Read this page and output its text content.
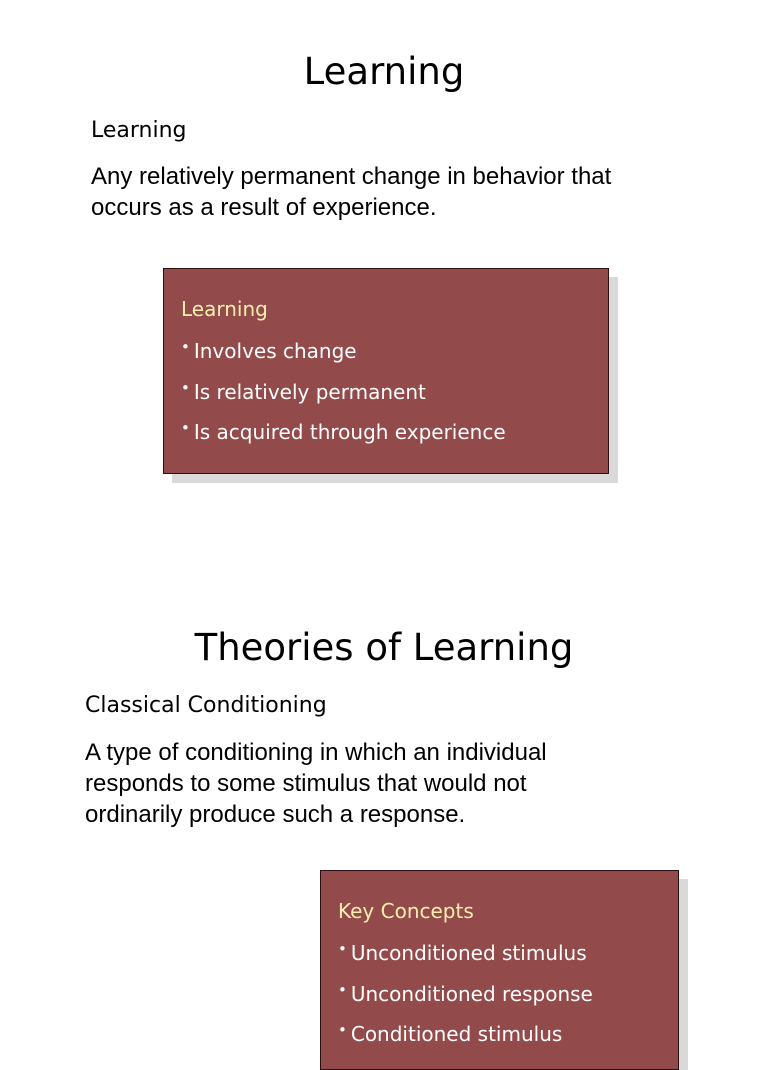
Learning

Learning

Any relatively permanent change in behavior that occurs as a result of experience.

Learning

• Involves change
• Is relatively permanent
• Is acquired through experience
Theories of Learning

Classical Conditioning

A type of conditioning in which an individual responds to some stimulus that would not ordinarily produce such a response.

Key Concepts

• Unconditioned stimulus
• Unconditioned response
• Conditioned stimulus
